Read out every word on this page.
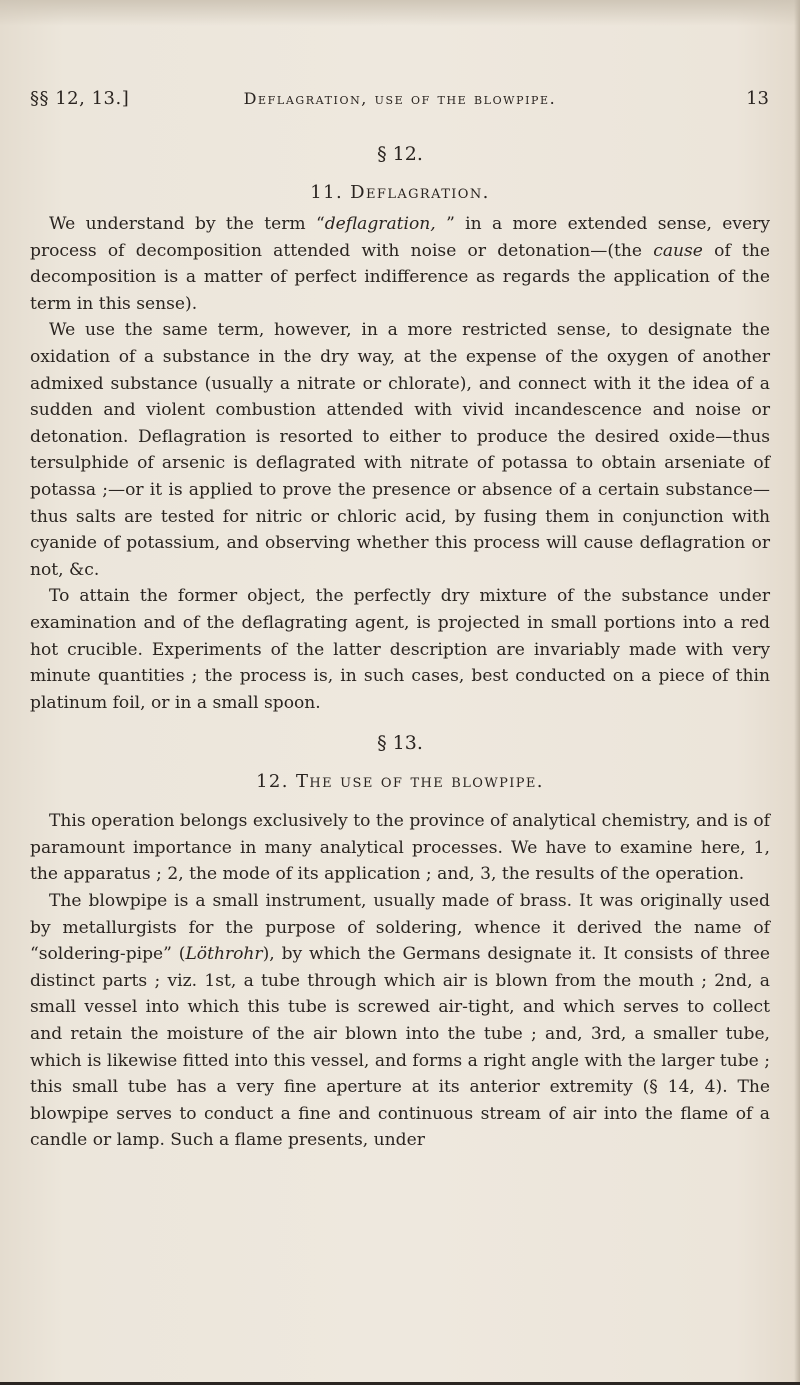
§§ 12, 13.]	Deflagration, use of the blowpipe.	13
§ 12.
11. Deflagration.

We understand by the term “deflagration, ” in a more extended sense, every process of decomposition attended with noise or detonation—(the cause of the decomposition is a matter of perfect indifference as regards the application of the term in this sense).

We use the same term, however, in a more restricted sense, to designate the oxidation of a substance in the dry way, at the expense of the oxygen of another admixed substance (usually a nitrate or chlorate), and connect with it the idea of a sudden and violent combustion attended with vivid incandescence and noise or detonation. Deflagration is resorted to either to produce the desired oxide—thus tersulphide of arsenic is deflagrated with nitrate of potassa to obtain arseniate of potassa ;—or it is applied to prove the presence or absence of a certain substance—thus salts are tested for nitric or chloric acid, by fusing them in conjunction with cyanide of potassium, and observing whether this process will cause deflagration or not, &c.

To attain the former object, the perfectly dry mixture of the substance under examination and of the deflagrating agent, is projected in small portions into a red hot crucible. Experiments of the latter description are invariably made with very minute quantities ; the process is, in such cases, best conducted on a piece of thin platinum foil, or in a small spoon.

§ 13.
12. The use of the blowpipe.

This operation belongs exclusively to the province of analytical chemistry, and is of paramount importance in many analytical processes. We have to examine here, 1, the apparatus ; 2, the mode of its application ; and, 3, the results of the operation.

The blowpipe is a small instrument, usually made of brass. It was originally used by metallurgists for the purpose of soldering, whence it derived the name of “soldering-pipe” (Löthrohr), by which the Germans designate it. It consists of three distinct parts ; viz. 1st, a tube through which air is blown from the mouth ; 2nd, a small vessel into which this tube is screwed air-tight, and which serves to collect and retain the moisture of the air blown into the tube ; and, 3rd, a smaller tube, which is likewise fitted into this vessel, and forms a right angle with the larger tube ; this small tube has a very fine aperture at its anterior extremity (§ 14, 4). The blowpipe serves to conduct a fine and continuous stream of air into the flame of a candle or lamp. Such a flame presents, under
